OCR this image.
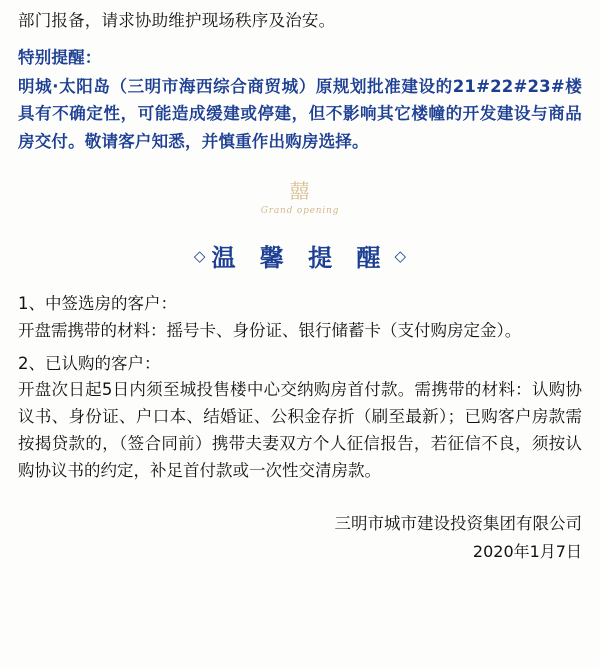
部门报备，请求协助维护现场秩序及治安。

特别提醒：

明城·太阳岛（三明市海西综合商贸城）原规划批准建设的21#22#23#楼具有不确定性，可能造成缓建或停建，但不影响其它楼幢的开发建设与商品房交付。敬请客户知悉，并慎重作出购房选择。

囍
Grand opening
◇ 温 馨 提 醒 ◇
1、中签选房的客户：
开盘需携带的材料：摇号卡、身份证、银行储蓄卡（支付购房定金）。
2、已认购的客户：
开盘次日起5日内须至城投售楼中心交纳购房首付款。需携带的材料：认购协议书、身份证、户口本、结婚证、公积金存折（刷至最新）；已购客户房款需按揭贷款的，（签合同前）携带夫妻双方个人征信报告，若征信不良，须按认购协议书的约定，补足首付款或一次性交清房款。
三明市城市建设投资集团有限公司
2020年1月7日
